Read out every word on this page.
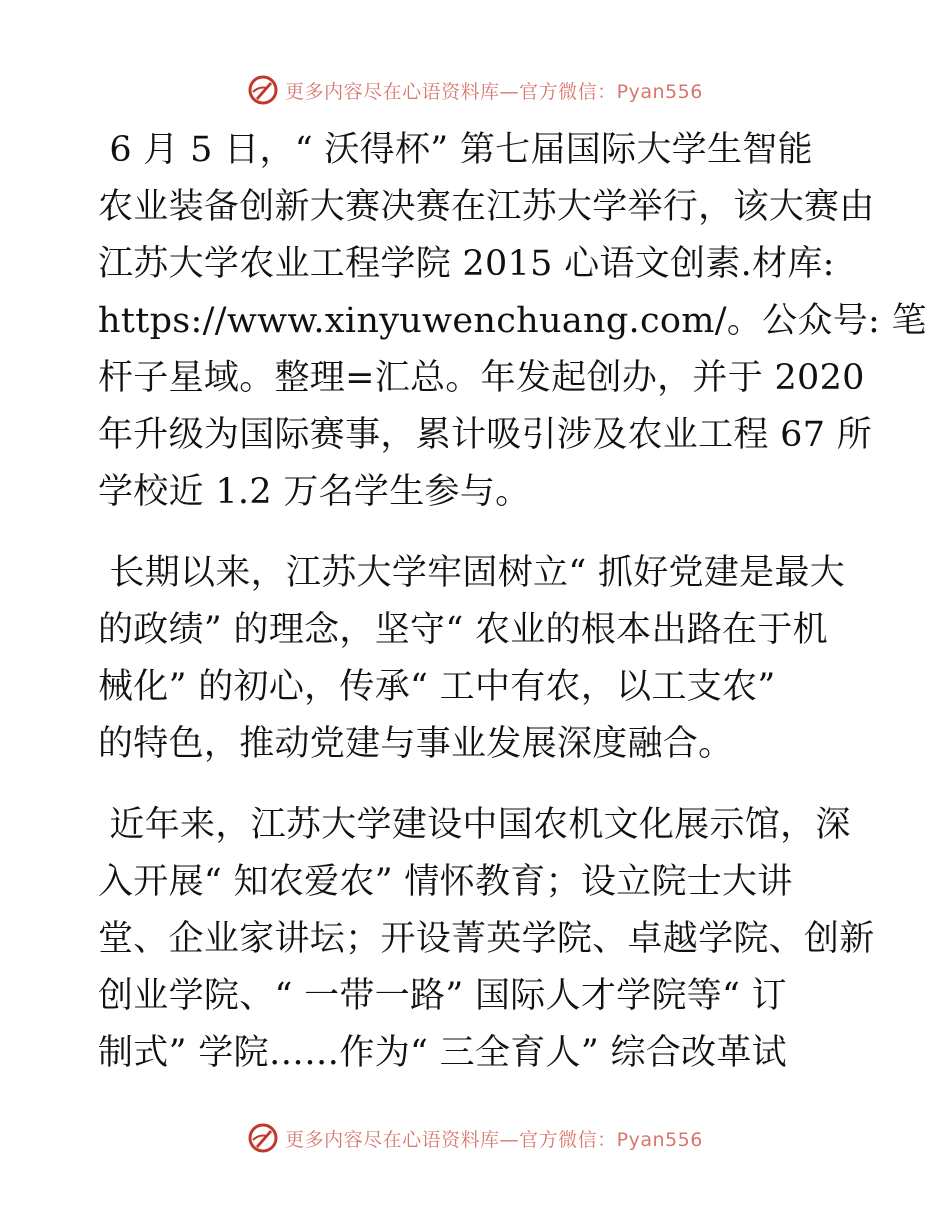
更多内容尽在心语资料库—官方微信：Pyan556
6 月 5 日，“ 沃得杯” 第七届国际大学生智能
农业装备创新大赛决赛在江苏大学举行，该大赛由
江苏大学农业工程学院 2015 心语文创素.材库:
https://www.xinyuwenchuang.com/。公众号: 笔
杆子星域。整理=汇总。年发起创办，并于 2020
年升级为国际赛事，累计吸引涉及农业工程 67 所
学校近 1.2 万名学生参与。
长期以来，江苏大学牢固树立“ 抓好党建是最大
的政绩” 的理念，坚守“ 农业的根本出路在于机
械化” 的初心，传承“ 工中有农，以工支农”
的特色，推动党建与事业发展深度融合。
近年来，江苏大学建设中国农机文化展示馆，深
入开展“ 知农爱农” 情怀教育；设立院士大讲
堂、企业家讲坛；开设菁英学院、卓越学院、创新
创业学院、“ 一带一路” 国际人才学院等“ 订
制式” 学院……作为“ 三全育人” 综合改革试
更多内容尽在心语资料库—官方微信：Pyan556
